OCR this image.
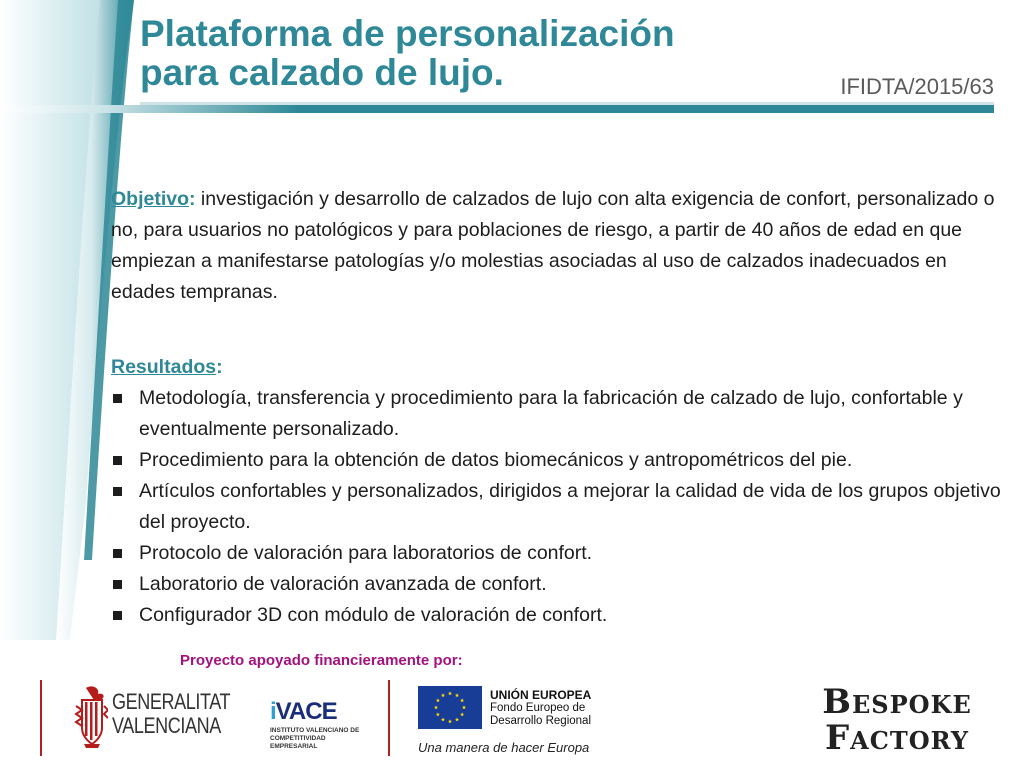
Plataforma de personalización
para calzado de lujo.	IFIDTA/2015/63
Objetivo: investigación y desarrollo de calzados de lujo con alta exigencia de confort, personalizado o no, para usuarios no patológicos y para poblaciones de riesgo, a partir de 40 años de edad en que empiezan a manifestarse patologías y/o molestias asociadas al uso de calzados inadecuados en edades tempranas.
Resultados:
Metodología, transferencia y procedimiento para la fabricación de calzado de lujo, confortable y eventualmente personalizado.
Procedimiento para la obtención de datos biomecánicos y antropométricos del pie.
Artículos confortables y personalizados, dirigidos a mejorar la calidad de vida de los grupos objetivo del proyecto.
Protocolo de valoración para laboratorios de confort.
Laboratorio de valoración avanzada de confort.
Configurador 3D con módulo de valoración de confort.
Proyecto apoyado financieramente por:
GENERALITAT
VALENCIANA
iVACE
INSTITUTO VALENCIANO DE
COMPETITIVIDAD EMPRESARIAL
UNIÓN EUROPEA
Fondo Europeo de
Desarrollo Regional
Una manera de hacer Europa
Bespoke
Factory
